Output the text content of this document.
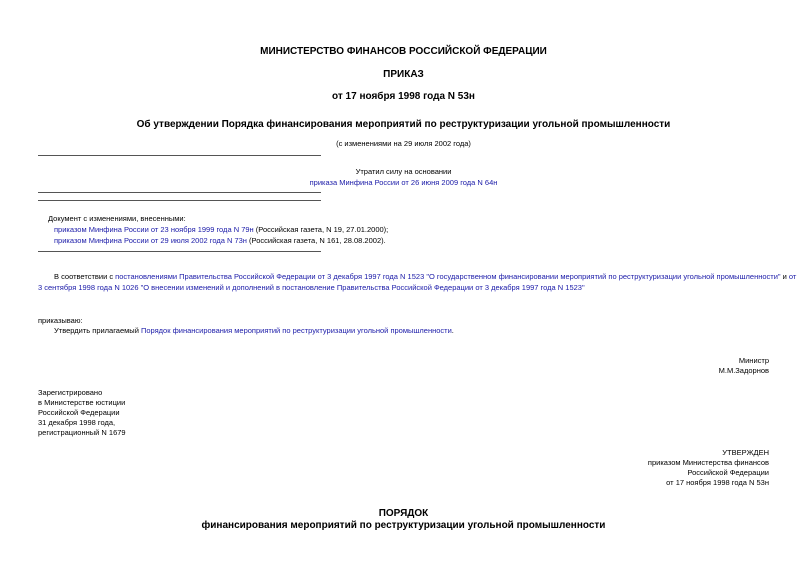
МИНИСТЕРСТВО ФИНАНСОВ РОССИЙСКОЙ ФЕДЕРАЦИИ
ПРИКАЗ
от 17 ноября 1998 года N 53н
Об утверждении Порядка финансирования мероприятий по реструктуризации угольной промышленности
(с изменениями на 29 июля 2002 года)
Утратил силу на основании
приказа Минфина России от 26 июня 2009 года N 64н
Документ с изменениями, внесенными:
приказом Минфина России от 23 ноября 1999 года N 79н (Российская газета, N 19, 27.01.2000);
приказом Минфина России от 29 июля 2002 года N 73н (Российская газета, N 161, 28.08.2002).
В соответствии с постановлениями Правительства Российской Федерации от 3 декабря 1997 года N 1523 "О государственном финансировании мероприятий по реструктуризации угольной промышленности" и от
3 сентября 1998 года N 1026 "О внесении изменений и дополнений в постановление Правительства Российской Федерации от 3 декабря 1997 года N 1523"
приказываю:
Утвердить прилагаемый Порядок финансирования мероприятий по реструктуризации угольной промышленности.
Министр
М.М.Задорнов
Зарегистрировано
в Министерстве юстиции
Российской Федерации
31 декабря 1998 года,
регистрационный N 1679
УТВЕРЖДЕН
приказом Министерства финансов
Российской Федерации
от 17 ноября 1998 года N 53н
ПОРЯДОК
финансирования мероприятий по реструктуризации угольной промышленности
